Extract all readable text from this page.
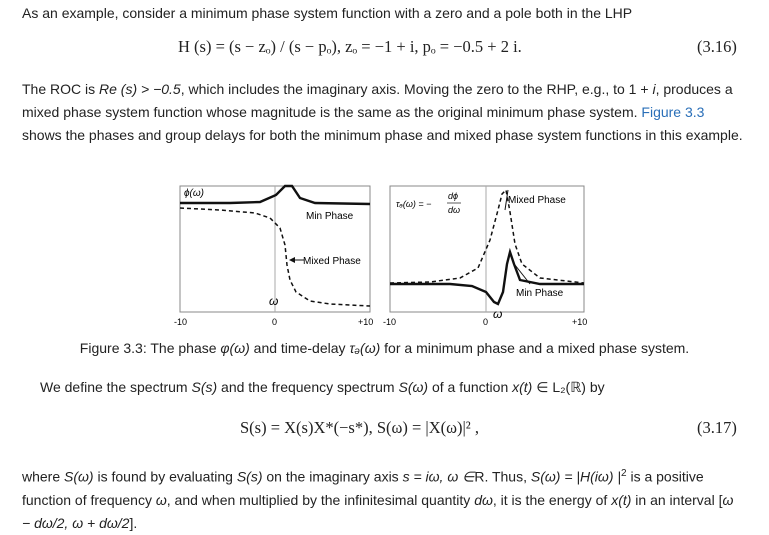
As an example, consider a minimum phase system function with a zero and a pole both in the LHP
H (s) = (s − zₒ) / (s − pₒ), zₒ = −1 + i, pₒ = −0.5 + 2 i.	(3.16)
The ROC is Re (s) > −0.5, which includes the imaginary axis. Moving the zero to the RHP, e.g., to 1 + i, produces a mixed phase system function whose magnitude is the same as the original minimum phase system. Figure 3.3 shows the phases and group delays for both the minimum phase and mixed phase system functions in this example.
ϕ(ω)
Min Phase
Mixed Phase
ω
-10	0	+10
τₔ(ω) = −
dϕ
dω
Mixed Phase
Min Phase
ω
-10	0	+10
Figure 3.3: The phase φ(ω) and time-delay τₔ(ω) for a minimum phase and a mixed phase system.
We define the spectrum S(s) and the frequency spectrum S(ω) of a function x(t) ∈ L₂(ℝ) by
S(s) = X(s)X*(−s*), S(ω) = |X(ω)|² ,	(3.17)
where S(ω) is found by evaluating S(s) on the imaginary axis s = iω, ω ∈R. Thus, S(ω) = |H(iω) $|^2$ is a positive function of frequency ω, and when multiplied by the infinitesimal quantity dω, it is the energy of x(t) in an interval [ω − dω/2, ω + dω/2].
